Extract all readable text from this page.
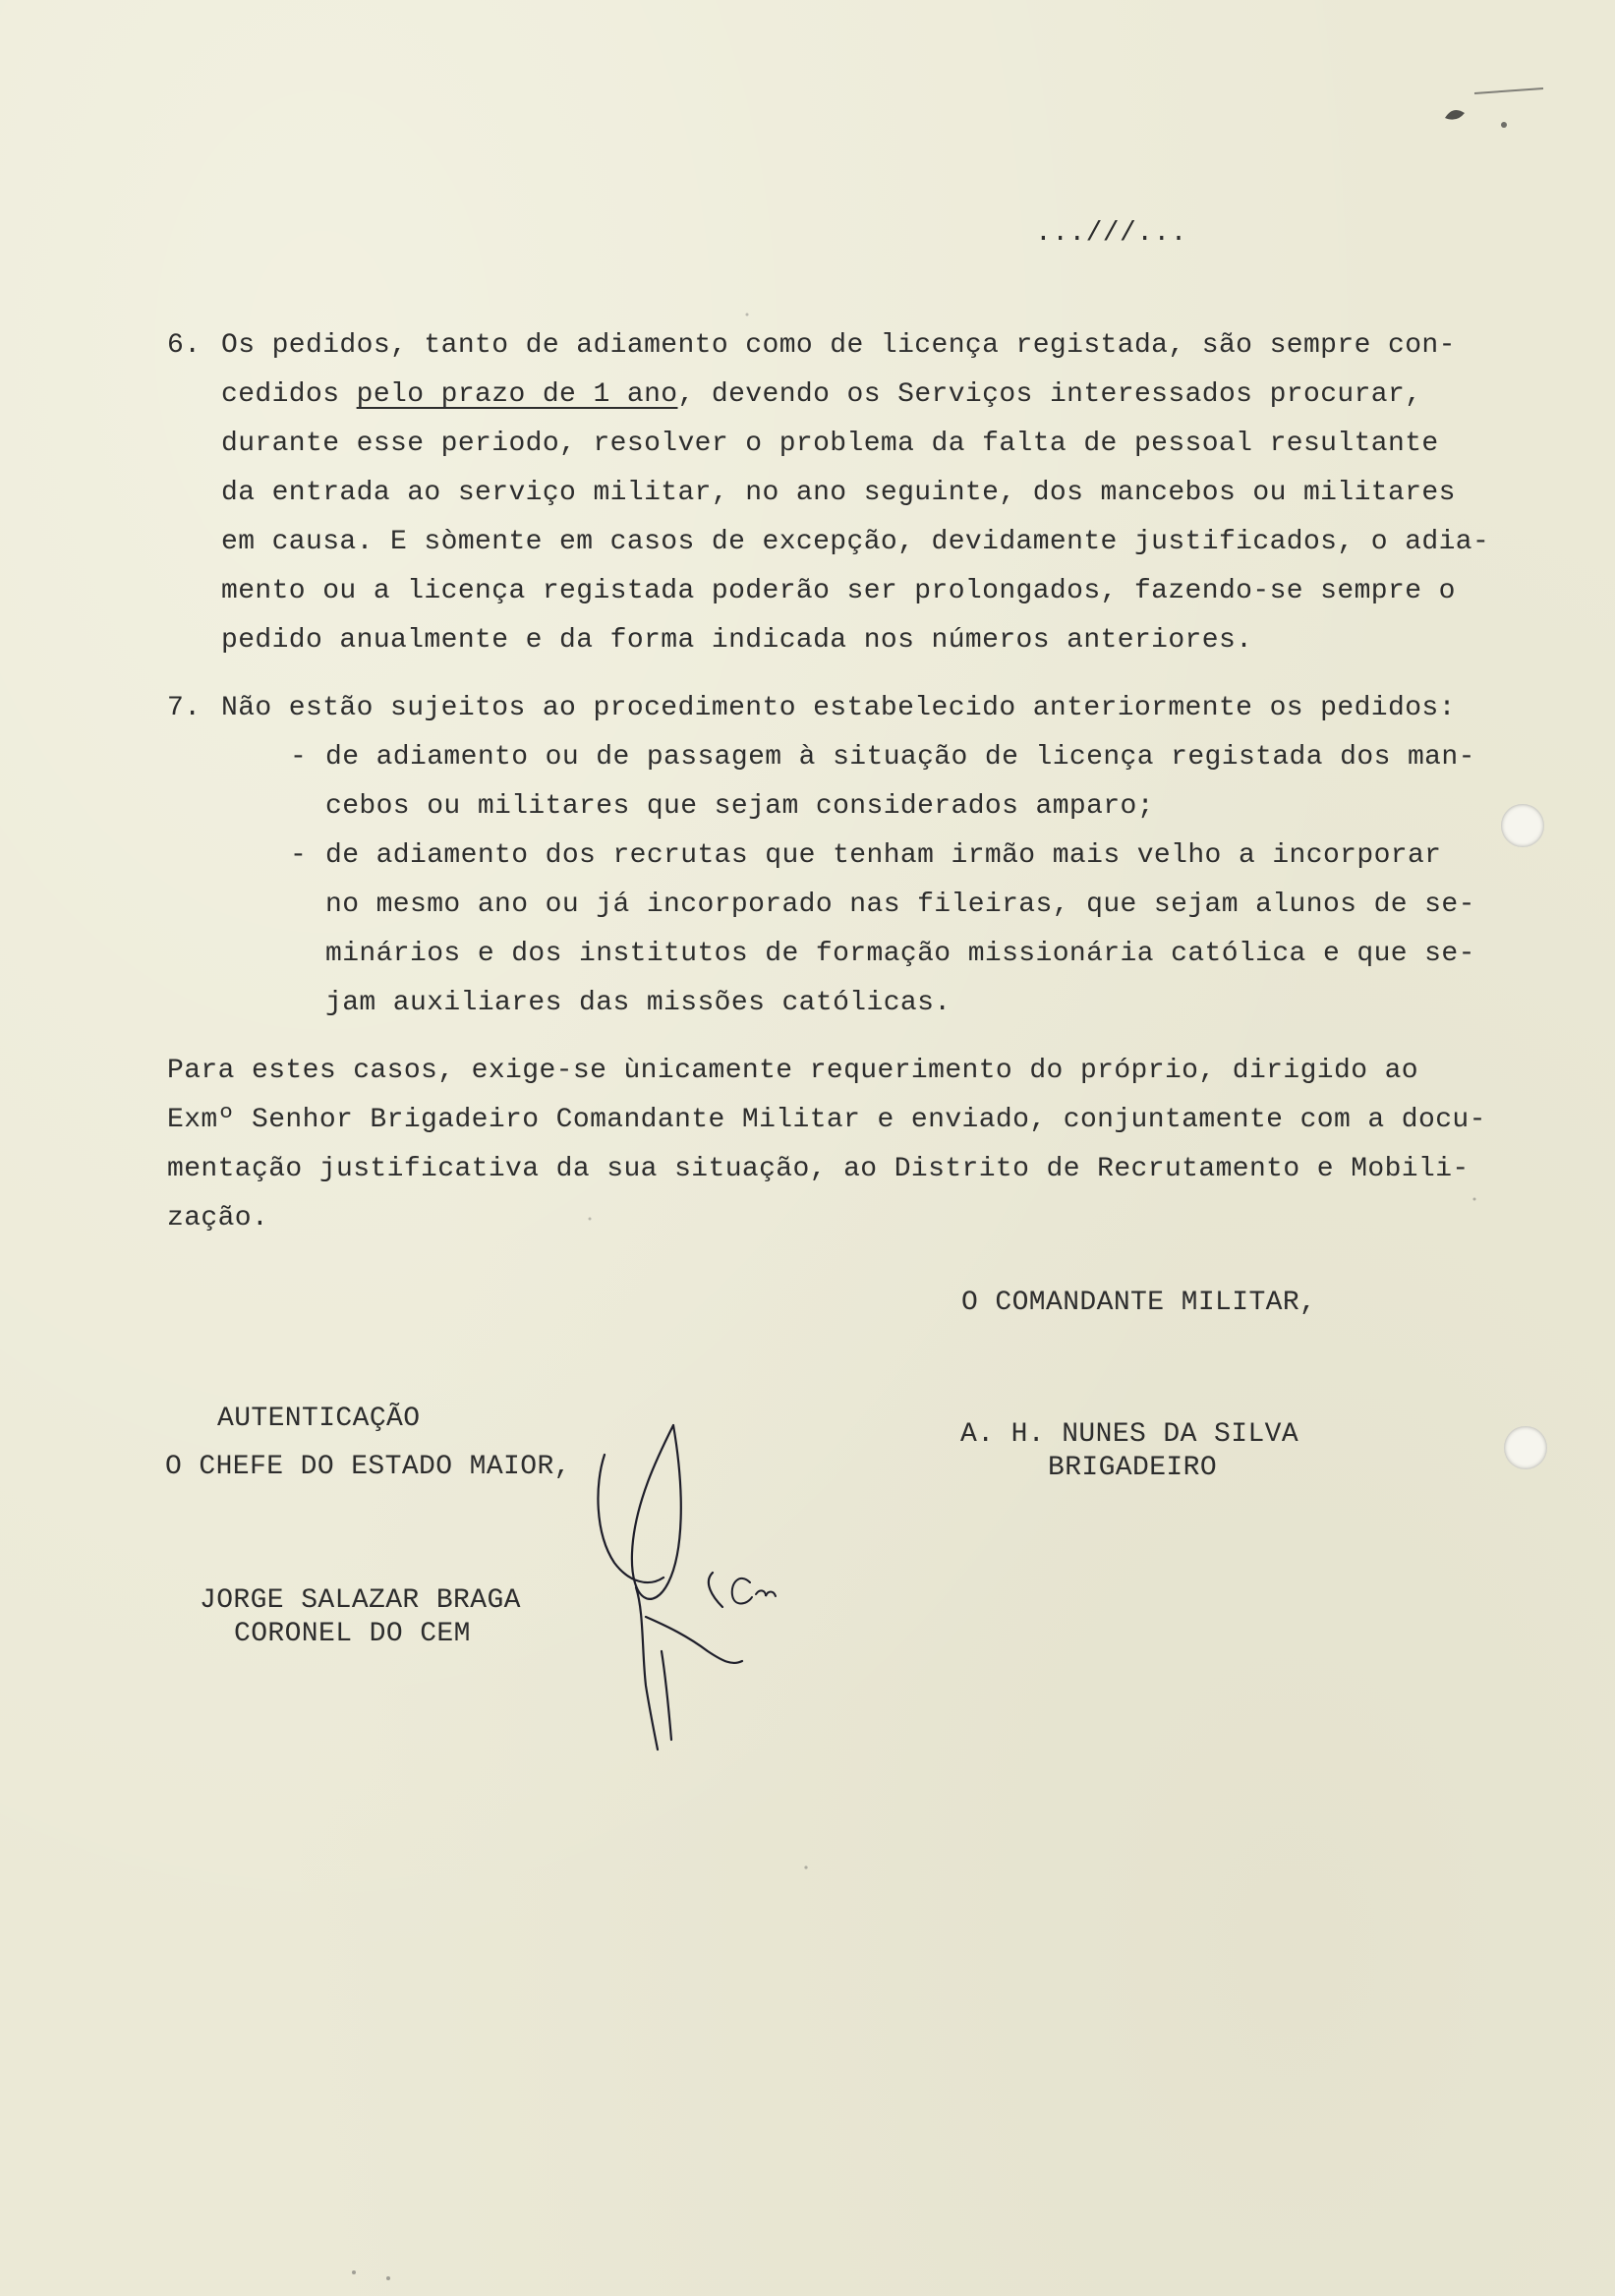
...///...
6. Os pedidos, tanto de adiamento como de licença registada, são sempre con-
cedidos pelo prazo de 1 ano, devendo os Serviços interessados procurar,
durante esse periodo, resolver o problema da falta de pessoal resultante
da entrada ao serviço militar, no ano seguinte, dos mancebos ou militares
em causa. E sòmente em casos de excepção, devidamente justificados, o adia-
mento ou a licença registada poderão ser prolongados, fazendo-se sempre o
pedido anualmente e da forma indicada nos números anteriores.
7. Não estão sujeitos ao procedimento estabelecido anteriormente os pedidos:
- de adiamento ou de passagem à situação de licença registada dos man-
cebos ou militares que sejam considerados amparo;
- de adiamento dos recrutas que tenham irmão mais velho a incorporar
no mesmo ano ou já incorporado nas fileiras, que sejam alunos de se-
minários e dos institutos de formação missionária católica e que se-
jam auxiliares das missões católicas.
Para estes casos, exige-se ùnicamente requerimento do próprio, dirigido ao
Exmº Senhor Brigadeiro Comandante Militar e enviado, conjuntamente com a docu-
mentação justificativa da sua situação, ao Distrito de Recrutamento e Mobili-
zação.
O COMANDANTE MILITAR,
AUTENTICAÇÃO
O CHEFE DO ESTADO MAIOR,
JORGE SALAZAR BRAGA
CORONEL DO CEM
A. H. NUNES DA SILVA
BRIGADEIRO
